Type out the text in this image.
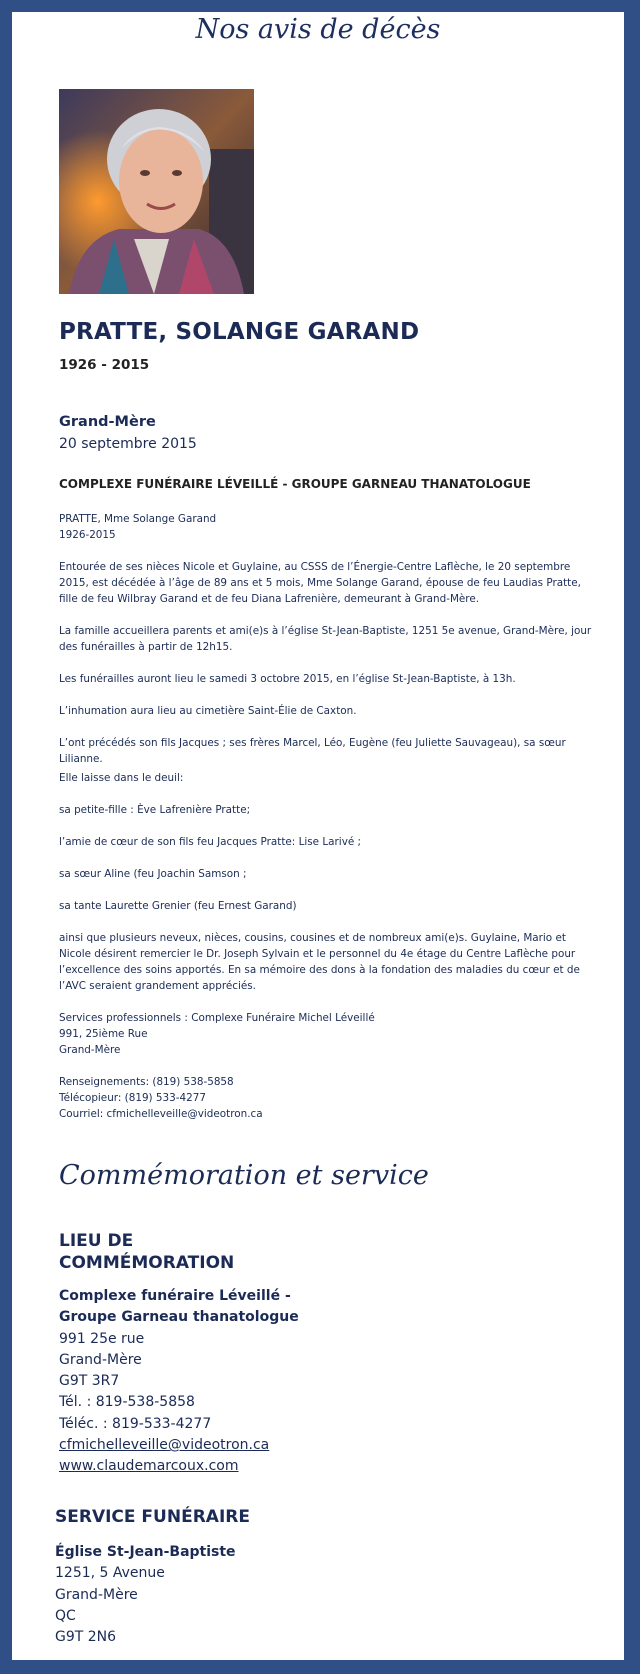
Nos avis de décès
PRATTE, SOLANGE GARAND
1926 - 2015
Grand-Mère
20 septembre 2015
COMPLEXE FUNÉRAIRE LÉVEILLÉ - GROUPE GARNEAU THANATOLOGUE

PRATTE, Mme Solange Garand

1926-2015

Entourée de ses nièces Nicole et Guylaine, au CSSS de l’Énergie-Centre Laflèche, le 20 septembre 2015, est décédée à l’âge de 89 ans et 5 mois, Mme Solange Garand, épouse de feu Laudias Pratte, fille de feu Wilbray Garand et de feu Diana Lafrenière, demeurant à Grand-Mère.
La famille accueillera parents et ami(e)s à l’église St-Jean-Baptiste, 1251 5e avenue, Grand-Mère, jour des funérailles à partir de 12h15.
Les funérailles auront lieu le samedi 3 octobre 2015, en l’église St-Jean-Baptiste, à 13h.
L’inhumation aura lieu au cimetière Saint-Élie de Caxton.
L’ont précédés son fils Jacques ; ses frères Marcel, Léo, Eugène (feu Juliette Sauvageau), sa sœur Lilianne.
Elle laisse dans le deuil:
sa petite-fille : Ève Lafrenière Pratte;
l’amie de cœur de son fils feu Jacques Pratte: Lise Larivé ;
sa sœur Aline (feu Joachin Samson ;
sa tante Laurette Grenier (feu Ernest Garand)
ainsi que plusieurs neveux, nièces, cousins, cousines et de nombreux ami(e)s. Guylaine, Mario et Nicole désirent remercier le Dr. Joseph Sylvain et le personnel du 4e étage du Centre Laflèche pour l’excellence des soins apportés. En sa mémoire des dons à la fondation des maladies du cœur et de l’AVC seraient grandement appréciés.

Services professionnels : Complexe Funéraire Michel Léveillé

991, 25ième Rue

Grand-Mère

Renseignements: (819) 538-5858

Télécopieur: (819) 533-4277

Courriel: cfmichelleveille@videotron.ca

Commémoration et service
LIEU DE
COMMÉMORATION
Complexe funéraire Léveillé -
Groupe Garneau thanatologue
991 25e rue
Grand-Mère
G9T 3R7
Tél. : 819-538-5858
Téléc. : 819-533-4277
cfmichelleveille@videotron.ca
www.claudemarcoux.com
SERVICE FUNÉRAIRE
Église St-Jean-Baptiste
1251, 5 Avenue
Grand-Mère
QC
G9T 2N6
